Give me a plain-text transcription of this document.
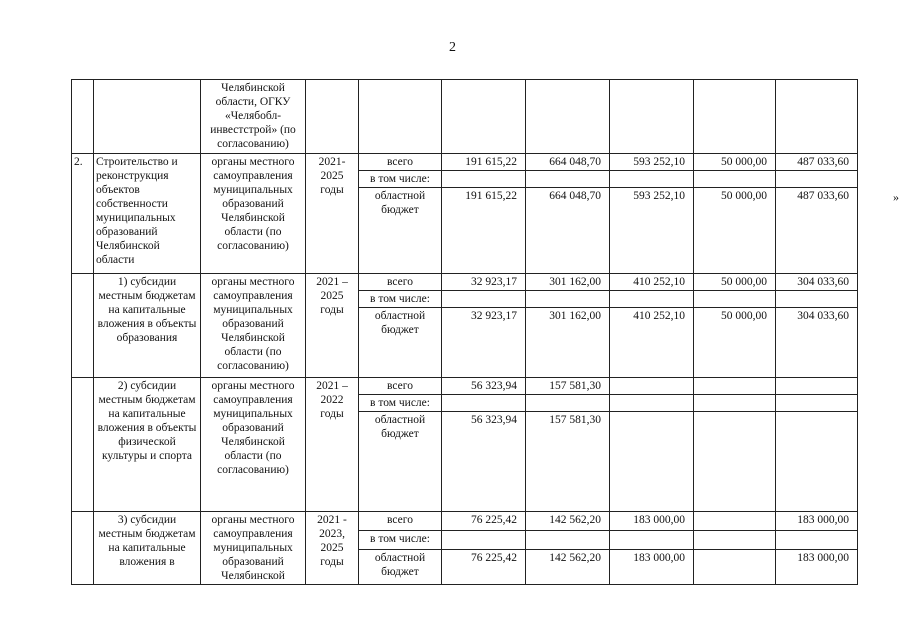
2
»
		Челябинской области, ОГКУ «Челябобл-инвестстрой» (по согласованию)							
2.	Строительство и реконструкция объектов собственности муниципальных образований Челябинской области	органы местного самоуправления муниципальных образований Челябинской области (по согласованию)	2021-2025 годы	всего	191 615,22	664 048,70	593 252,10	50 000,00	487 033,60
				в том числе:					
				областной бюджет	191 615,22	664 048,70	593 252,10	50 000,00	487 033,60
	1) субсидии местным бюджетам на капитальные вложения в объекты образования	органы местного самоуправления муниципальных образований Челябинской области (по согласованию)	2021 – 2025 годы	всего	32 923,17	301 162,00	410 252,10	50 000,00	304 033,60
				в том числе:					
				областной бюджет	32 923,17	301 162,00	410 252,10	50 000,00	304 033,60
	2) субсидии местным бюджетам на капитальные вложения в объекты физической культуры и спорта	органы местного самоуправления муниципальных образований Челябинской области (по согласованию)	2021 – 2022 годы	всего	56 323,94	157 581,30			
				в том числе:					
				областной бюджет	56 323,94	157 581,30			
	3) субсидии местным бюджетам на капитальные вложения в	органы местного самоуправления муниципальных образований Челябинской	2021 - 2023, 2025 годы	всего	76 225,42	142 562,20	183 000,00		183 000,00
				в том числе:					
				областной бюджет	76 225,42	142 562,20	183 000,00		183 000,00
